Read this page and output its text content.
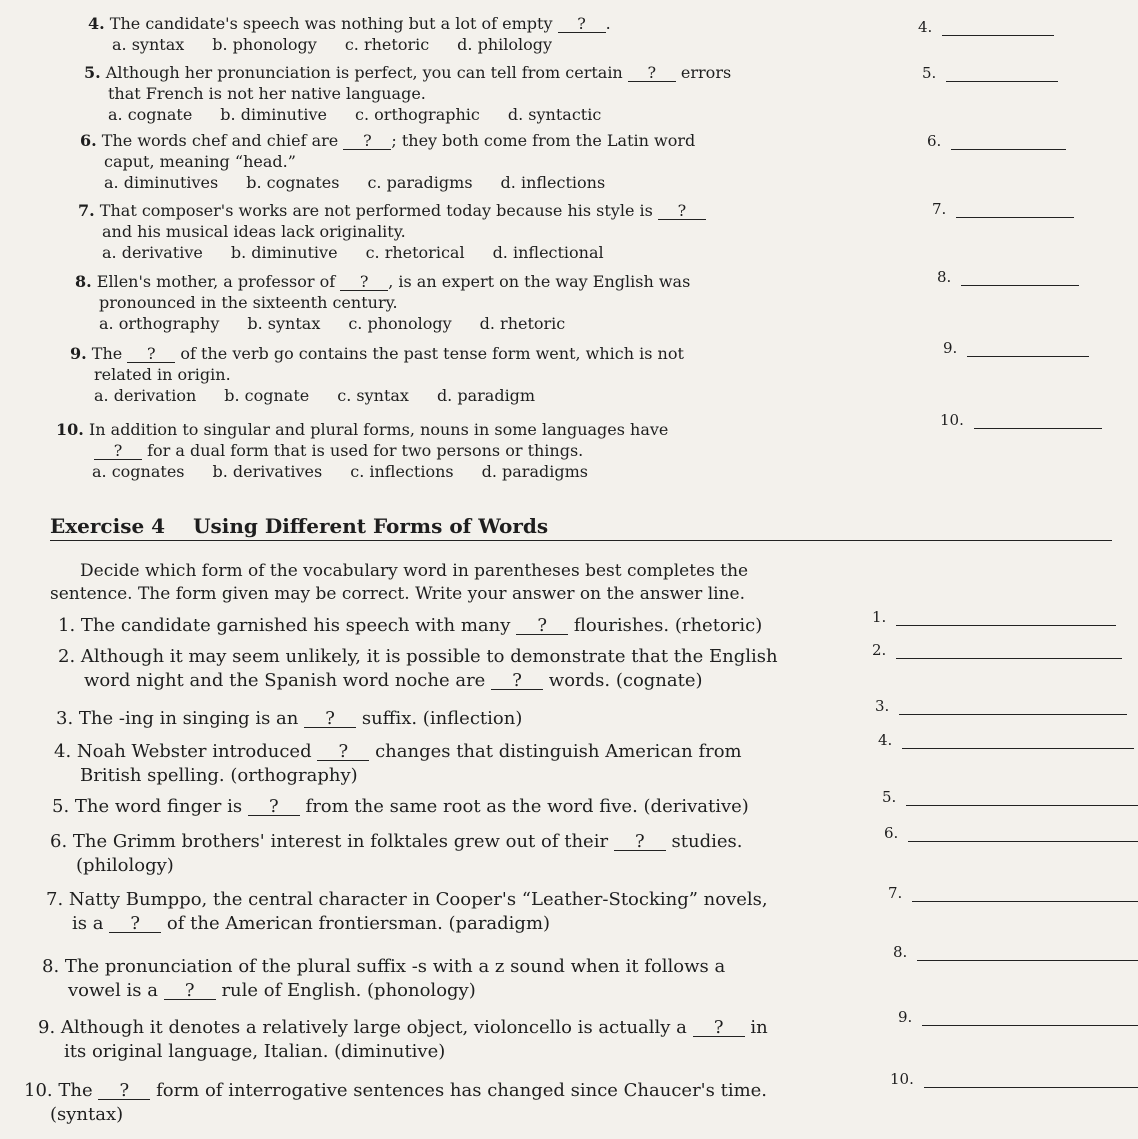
4. The candidate's speech was nothing but a lot of empty ? .
a. syntax b. phonology c. rhetoric d. philology
4.
5. Although her pronunciation is perfect, you can tell from certain ? errors
that French is not her native language.
a. cognate b. diminutive c. orthographic d. syntactic
5.
6. The words chef and chief are ? ; they both come from the Latin word
caput, meaning “head.”
a. diminutives b. cognates c. paradigms d. inflections
6.
7. That composer's works are not performed today because his style is ?
and his musical ideas lack originality.
a. derivative b. diminutive c. rhetorical d. inflectional
7.
8. Ellen's mother, a professor of ? , is an expert on the way English was
pronounced in the sixteenth century.
a. orthography b. syntax c. phonology d. rhetoric
8.
9. The ? of the verb go contains the past tense form went, which is not
related in origin.
a. derivation b. cognate c. syntax d. paradigm
9.
10. In addition to singular and plural forms, nouns in some languages have
? for a dual form that is used for two persons or things.
a. cognates b. derivatives c. inflections d. paradigms
10.
Exercise 4 Using Different Forms of Words
Decide which form of the vocabulary word in parentheses best completes the
sentence. The form given may be correct. Write your answer on the answer line.
1. The candidate garnished his speech with many ? flourishes. (rhetoric)	1.
2. Although it may seem unlikely, it is possible to demonstrate that the English
word night and the Spanish word noche are ? words. (cognate)
2.
3. The -ing in singing is an ? suffix. (inflection)
3.
4. Noah Webster introduced ? changes that distinguish American from
British spelling. (orthography)
4.
5. The word finger is ? from the same root as the word five. (derivative)	5.
6. The Grimm brothers' interest in folktales grew out of their ? studies.
(philology)
6.
7. Natty Bumppo, the central character in Cooper's “Leather-Stocking” novels,
is a ? of the American frontiersman. (paradigm)
7.
8. The pronunciation of the plural suffix -s with a z sound when it follows a
vowel is a ? rule of English. (phonology)
8.
9. Although it denotes a relatively large object, violoncello is actually a ? in
its original language, Italian. (diminutive)
9.
10. The ? form of interrogative sentences has changed since Chaucer's time.
(syntax)
10.
